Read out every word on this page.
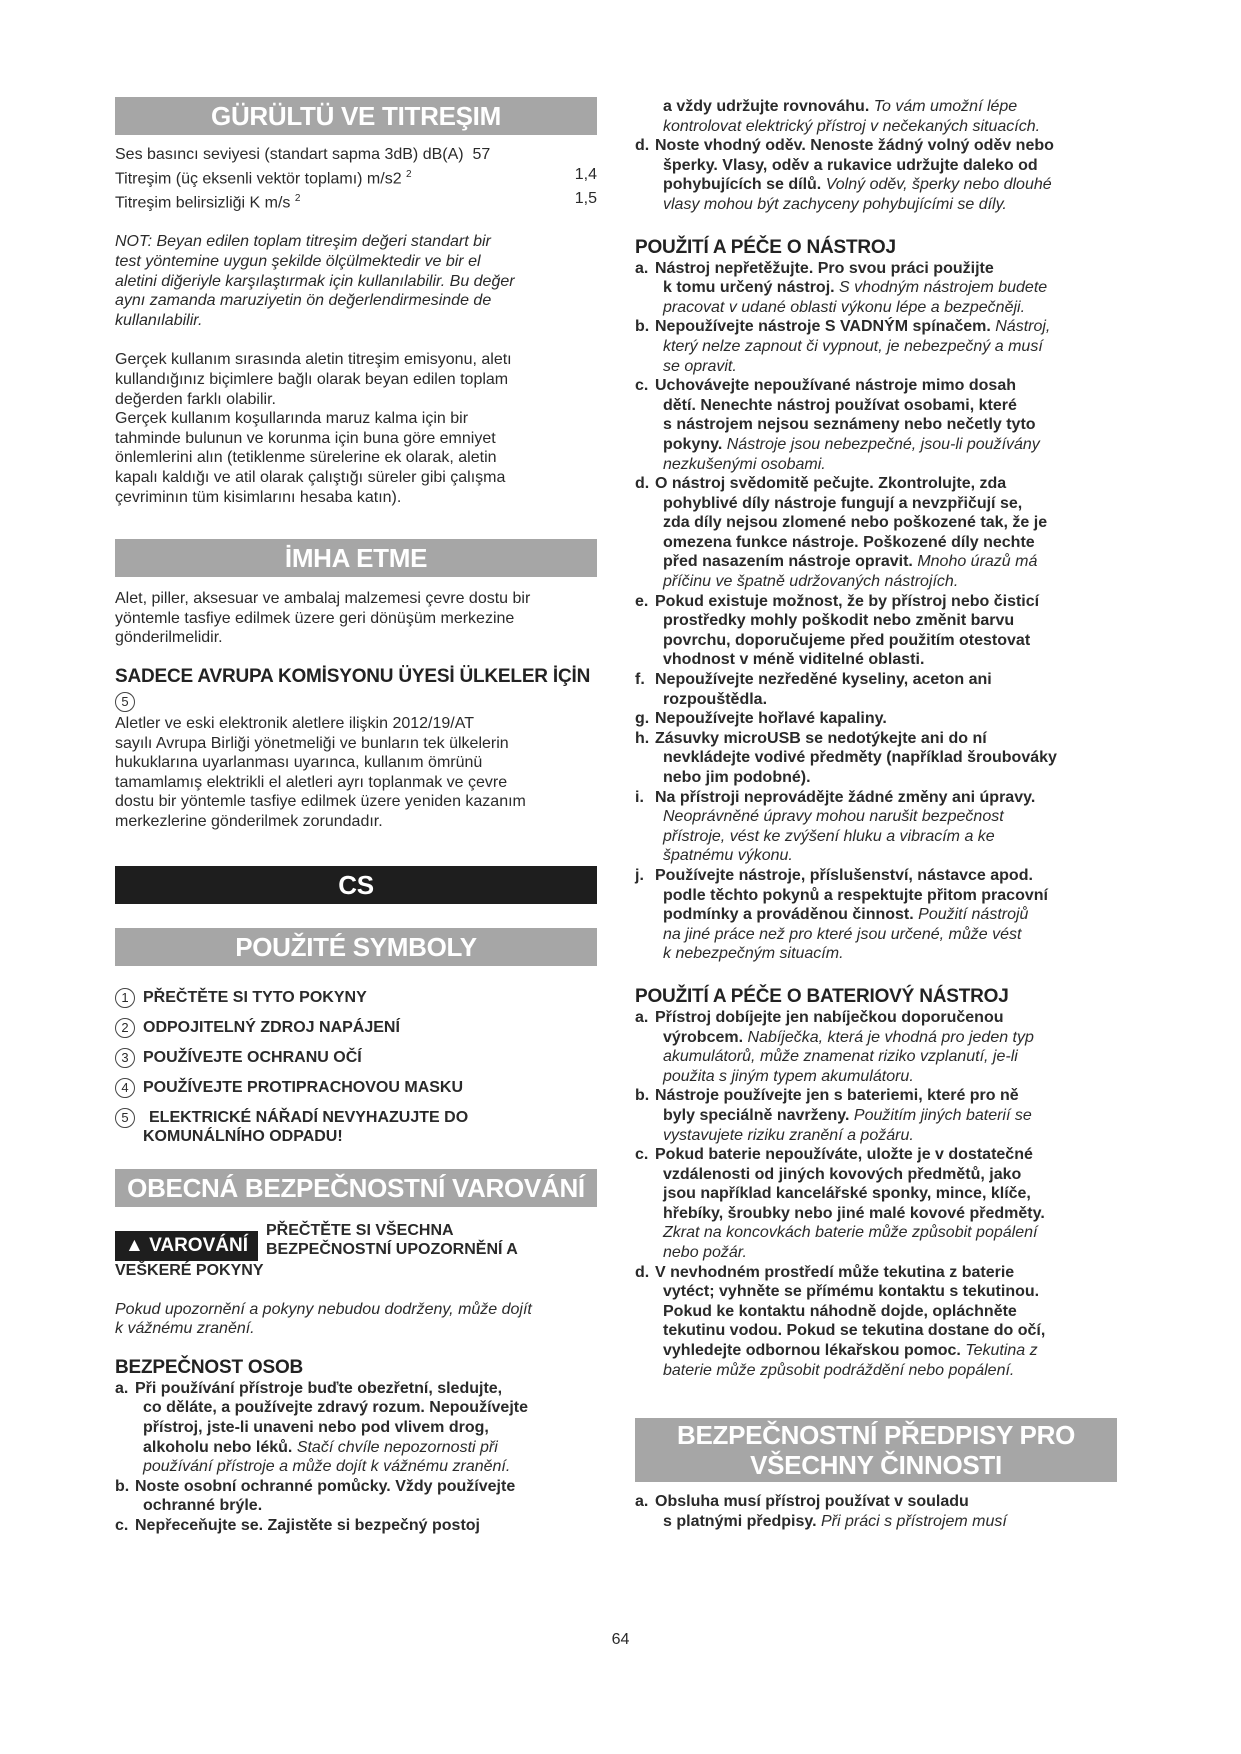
GÜRÜLTÜ VE TITREŞIM
Ses basıncı seviyesi (standart sapma 3dB) dB(A) 57
Titreşim (üç eksenli vektör toplamı) m/s2 $^2$	1,4
Titreşim belirsizliği K m/s $^2$	1,5

NOT: Beyan edilen toplam titreşim değeri standart bir

test yöntemine uygun şekilde ölçülmektedir ve bir el

aletini diğeriyle karşılaştırmak için kullanılabilir. Bu değer

aynı zamanda maruziyetin ön değerlendirmesinde de

kullanılabilir.

Gerçek kullanım sırasında aletin titreşim emisyonu, aletı

kullandığınız biçimlere bağlı olarak beyan edilen toplam

değerden farklı olabilir.

Gerçek kullanım koşullarında maruz kalma için bir

tahminde bulunun ve korunma için buna göre emniyet

önlemlerini alın (tetiklenme sürelerine ek olarak, aletin

kapalı kaldığı ve atil olarak çalıştığı süreler gibi çalışma

çevriminın tüm kisimlarını hesaba katın).

İMHA ETME

Alet, piller, aksesuar ve ambalaj malzemesi çevre dostu bir

yöntemle tasfiye edilmek üzere geri dönüşüm merkezine

gönderilmelidir.

SADECE AVRUPA KOMİSYONU ÜYESİ ÜLKELER İÇİN
5

Aletler ve eski elektronik aletlere ilişkin 2012/19/AT

sayılı Avrupa Birliği yönetmeliği ve bunların tek ülkelerin

hukuklarına uyarlanması uyarınca, kullanım ömrünü

tamamlamış elektrikli el aletleri ayrı toplanmak ve çevre

dostu bir yöntemle tasfiye edilmek üzere yeniden kazanım

merkezlerine gönderilmek zorundadır.

CS
POUŽITÉ SYMBOLY
1 PŘEČTĚTE SI TYTO POKYNY
2 ODPOJITELNÝ ZDROJ NAPÁJENÍ
3 POUŽÍVEJTE OCHRANU OČÍ
4 POUŽÍVEJTE PROTIPRACHOVOU MASKU
5	ELEKTRICKÉ NÁŘADÍ NEVYHAZUJTE DO
KOMUNÁLNÍHO ODPADU!
OBECNÁ BEZPEČNOSTNÍ VAROVÁNÍ
▲ VAROVÁNÍ
PŘEČTĚTE SI VŠECHNA
BEZPEČNOSTNÍ UPOZORNĚNÍ A
VEŠKERÉ POKYNY

Pokud upozornění a pokyny nebudou dodrženy, může dojít

k vážnému zranění.

BEZPEČNOST OSOB
a. Při používání přístroje buďte obezřetní, sledujte,
co děláte, a používejte zdravý rozum. Nepoužívejte
přístroj, jste-li unaveni nebo pod vlivem drog,
alkoholu nebo léků. Stačí chvíle nepozornosti při
používání přístroje a může dojít k vážnému zranění.
b. Noste osobní ochranné pomůcky. Vždy používejte
ochranné brýle.
c. Nepřeceňujte se. Zajistěte si bezpečný postoj
a vždy udržujte rovnováhu. To vám umožní lépe
kontrolovat elektrický přístroj v nečekaných situacích.
d. Noste vhodný oděv. Nenoste žádný volný oděv nebo
šperky. Vlasy, oděv a rukavice udržujte daleko od
pohybujících se dílů. Volný oděv, šperky nebo dlouhé
vlasy mohou být zachyceny pohybujícími se díly.
POUŽITÍ A PÉČE O NÁSTROJ
a. Nástroj nepřetěžujte. Pro svou práci použijte
k tomu určený nástroj. S vhodným nástrojem budete
pracovat v udané oblasti výkonu lépe a bezpečněji.
b. Nepoužívejte nástroje S VADNÝM spínačem. Nástroj,
který nelze zapnout či vypnout, je nebezpečný a musí
se opravit.
c. Uchovávejte nepoužívané nástroje mimo dosah
dětí. Nenechte nástroj používat osobami, které
s nástrojem nejsou seznámeny nebo nečetly tyto
pokyny. Nástroje jsou nebezpečné, jsou-li používány
nezkušenými osobami.
d. O nástroj svědomitě pečujte. Zkontrolujte, zda
pohyblivé díly nástroje fungují a nevzpřičují se,
zda díly nejsou zlomené nebo poškozené tak, že je
omezena funkce nástroje. Poškozené díly nechte
před nasazením nástroje opravit. Mnoho úrazů má
příčinu ve špatně udržovaných nástrojích.
e. Pokud existuje možnost, že by přístroj nebo čisticí
prostředky mohly poškodit nebo změnit barvu
povrchu, doporučujeme před použitím otestovat
vhodnost v méně viditelné oblasti.
f. Nepoužívejte nezředěné kyseliny, aceton ani
rozpouštědla.
g. Nepoužívejte hořlavé kapaliny.
h. Zásuvky microUSB se nedotýkejte ani do ní
nevkládejte vodivé předměty (například šroubováky
nebo jim podobné).
i. Na přístroji neprovádějte žádné změny ani úpravy.
Neoprávněné úpravy mohou narušit bezpečnost
přístroje, vést ke zvýšení hluku a vibracím a ke
špatnému výkonu.
j. Používejte nástroje, příslušenství, nástavce apod.
podle těchto pokynů a respektujte přitom pracovní
podmínky a prováděnou činnost. Použití nástrojů
na jiné práce než pro které jsou určené, může vést
k nebezpečným situacím.
POUŽITÍ A PÉČE O BATERIOVÝ NÁSTROJ
a. Přístroj dobíjejte jen nabíječkou doporučenou
výrobcem. Nabíječka, která je vhodná pro jeden typ
akumulátorů, může znamenat riziko vzplanutí, je-li
použita s jiným typem akumulátoru.
b. Nástroje používejte jen s bateriemi, které pro ně
byly speciálně navrženy. Použitím jiných baterií se
vystavujete riziku zranění a požáru.
c. Pokud baterie nepoužíváte, uložte je v dostatečné
vzdálenosti od jiných kovových předmětů, jako
jsou například kancelářské sponky, mince, klíče,
hřebíky, šroubky nebo jiné malé kovové předměty.
Zkrat na koncovkách baterie může způsobit popálení
nebo požár.
d. V nevhodném prostředí může tekutina z baterie
vytéct; vyhněte se přímému kontaktu s tekutinou.
Pokud ke kontaktu náhodně dojde, opláchněte
tekutinu vodou. Pokud se tekutina dostane do očí,
vyhledejte odbornou lékařskou pomoc. Tekutina z
baterie může způsobit podráždění nebo popálení.
BEZPEČNOSTNÍ PŘEDPISY PRO
VŠECHNY ČINNOSTI
a. Obsluha musí přístroj používat v souladu
s platnými předpisy. Při práci s přístrojem musí
64
